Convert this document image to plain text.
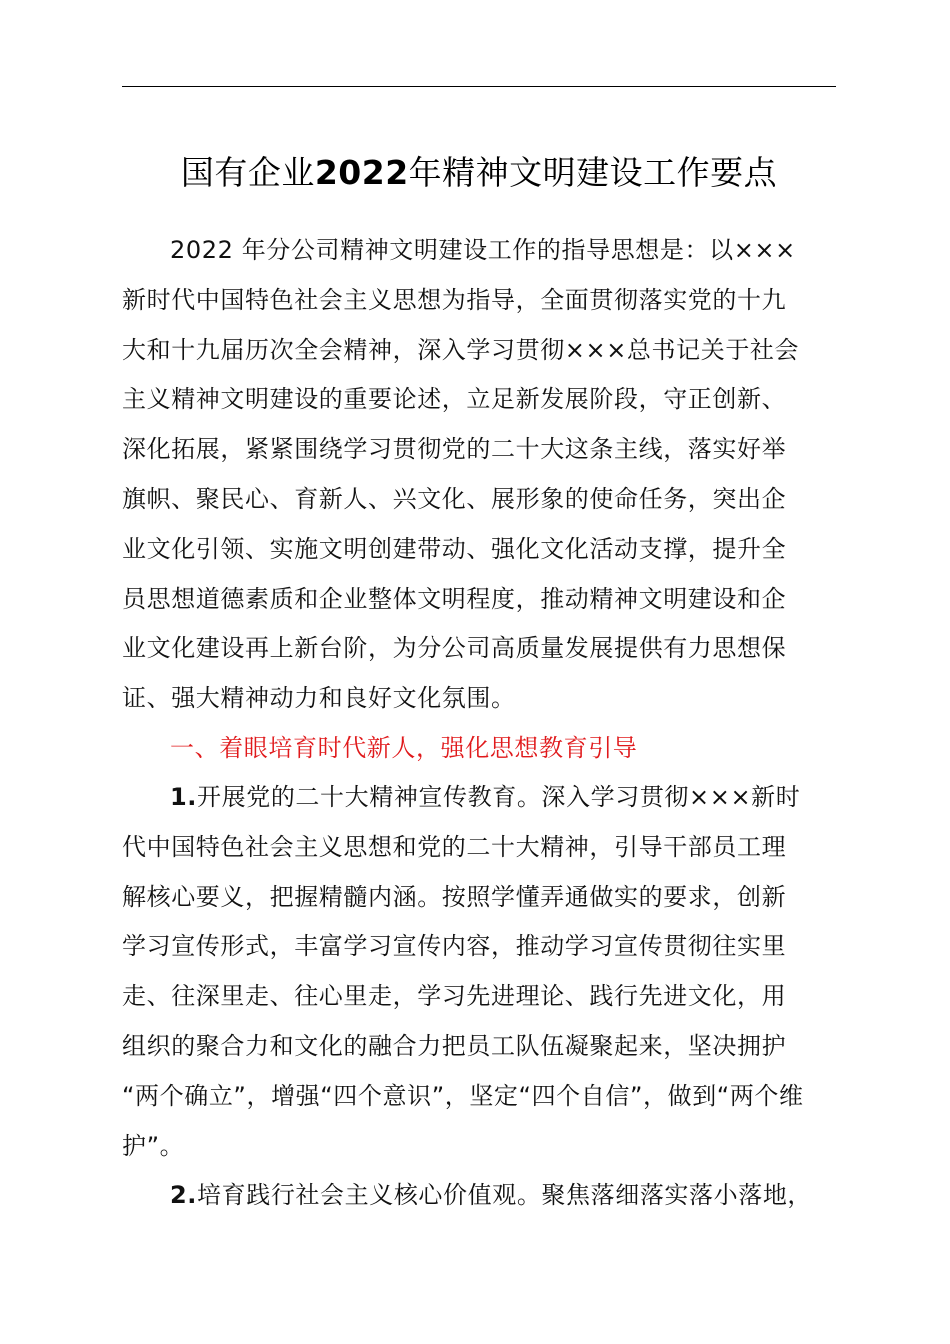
国有企业2022年精神文明建设工作要点
2022 年分公司精神文明建设工作的指导思想是：以×××
新时代中国特色社会主义思想为指导，全面贯彻落实党的十九
大和十九届历次全会精神，深入学习贯彻×××总书记关于社会
主义精神文明建设的重要论述，立足新发展阶段，守正创新、
深化拓展，紧紧围绕学习贯彻党的二十大这条主线，落实好举
旗帜、聚民心、育新人、兴文化、展形象的使命任务，突出企
业文化引领、实施文明创建带动、强化文化活动支撑，提升全
员思想道德素质和企业整体文明程度，推动精神文明建设和企
业文化建设再上新台阶，为分公司高质量发展提供有力思想保
证、强大精神动力和良好文化氛围。

一、着眼培育时代新人，强化思想教育引导

1.开展党的二十大精神宣传教育。深入学习贯彻×××新时
代中国特色社会主义思想和党的二十大精神，引导干部员工理
解核心要义，把握精髓内涵。按照学懂弄通做实的要求，创新
学习宣传形式，丰富学习宣传内容，推动学习宣传贯彻往实里
走、往深里走、往心里走，学习先进理论、践行先进文化，用
组织的聚合力和文化的融合力把员工队伍凝聚起来，坚决拥护
“两个确立”，增强“四个意识”，坚定“四个自信”，做到“两个维
护”。
2.培育践行社会主义核心价值观。聚焦落细落实落小落地，
